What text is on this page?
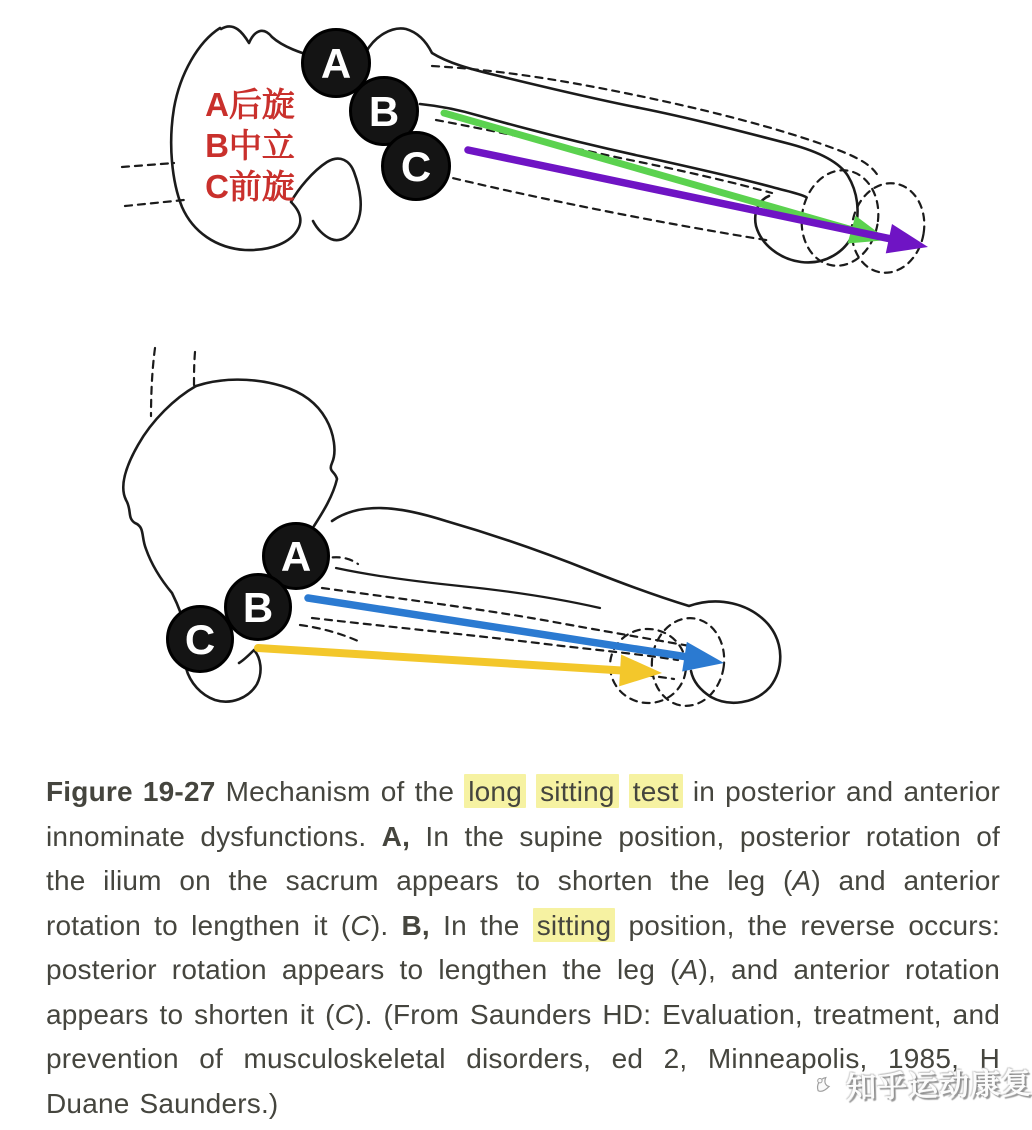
A
B
C
A
B
C
A后旋
B中立
C前旋
Figure 19-27 Mechanism of the long sitting test in posterior and anterior innominate dysfunctions. A, In the supine position, posterior rotation of the ilium on the sacrum appears to shorten the leg (A) and anterior rotation to lengthen it (C). B, In the sitting position, the reverse occurs: posterior rotation appears to lengthen the leg (A), and anterior rotation appears to shorten it (C). (From Saunders HD: Evaluation, treatment, and prevention of musculoskeletal disorders, ed 2, Minneapolis, 1985, H Duane Saunders.)	知乎运动康复
